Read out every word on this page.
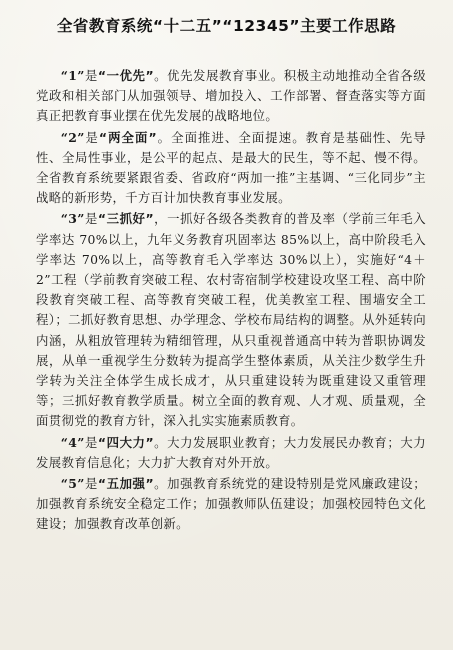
全省教育系统“十二五”“12345”主要工作思路

“1”是“一优先”。优先发展教育事业。积极主动地推动全省各级党政和相关部门从加强领导、增加投入、工作部署、督查落实等方面真正把教育事业摆在优先发展的战略地位。

“2”是“两全面”。全面推进、全面提速。教育是基础性、先导性、全局性事业，是公平的起点、是最大的民生，等不起、慢不得。全省教育系统要紧跟省委、省政府“两加一推”主基调、“三化同步”主战略的新形势，千方百计加快教育事业发展。

“3”是“三抓好”，一抓好各级各类教育的普及率（学前三年毛入学率达 70%以上，九年义务教育巩固率达 85%以上，高中阶段毛入学率达 70%以上，高等教育毛入学率达 30%以上），实施好“4＋2”工程（学前教育突破工程、农村寄宿制学校建设攻坚工程、高中阶段教育突破工程、高等教育突破工程，优美教室工程、围墙安全工程）；二抓好教育思想、办学理念、学校布局结构的调整。从外延转向内涵，从粗放管理转为精细管理，从只重视普通高中转为普职协调发展，从单一重视学生分数转为提高学生整体素质，从关注少数学生升学转为关注全体学生成长成才，从只重建设转为既重建设又重管理等；三抓好教育教学质量。树立全面的教育观、人才观、质量观，全面贯彻党的教育方针，深入扎实实施素质教育。

“4”是“四大力”。大力发展职业教育；大力发展民办教育；大力发展教育信息化；大力扩大教育对外开放。

“5”是“五加强”。加强教育系统党的建设特别是党风廉政建设；加强教育系统安全稳定工作；加强教师队伍建设；加强校园特色文化建设；加强教育改革创新。
